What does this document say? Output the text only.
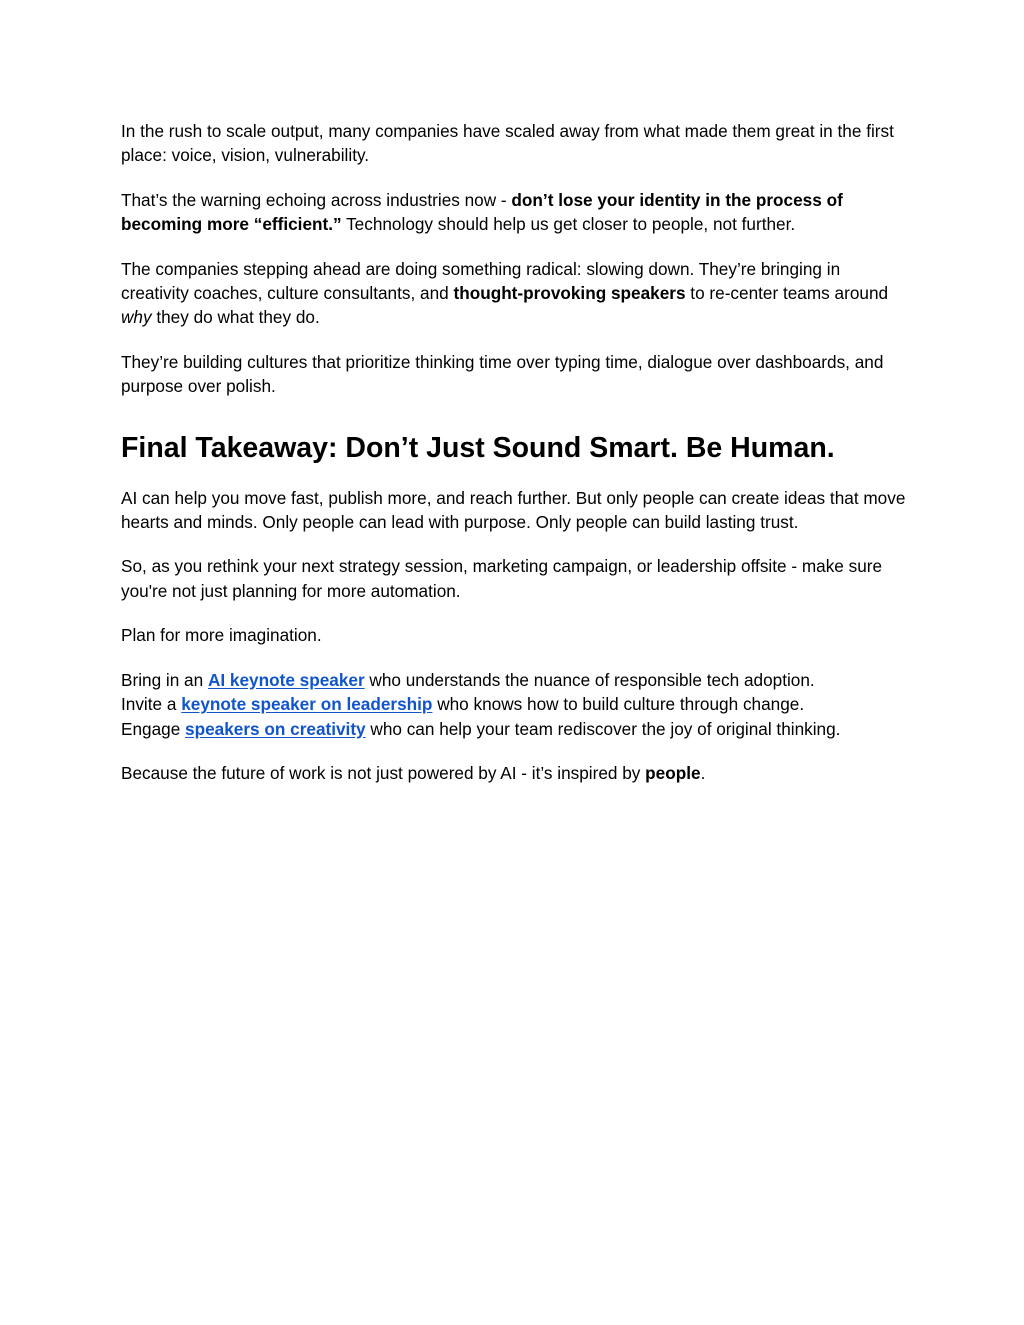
In the rush to scale output, many companies have scaled away from what made them great in the first place: voice, vision, vulnerability.

That’s the warning echoing across industries now - don’t lose your identity in the process of becoming more “efficient.” Technology should help us get closer to people, not further.

The companies stepping ahead are doing something radical: slowing down. They’re bringing in creativity coaches, culture consultants, and thought-provoking speakers to re-center teams around why they do what they do.

They’re building cultures that prioritize thinking time over typing time, dialogue over dashboards, and purpose over polish.

Final Takeaway: Don’t Just Sound Smart. Be Human.

AI can help you move fast, publish more, and reach further. But only people can create ideas that move hearts and minds. Only people can lead with purpose. Only people can build lasting trust.

So, as you rethink your next strategy session, marketing campaign, or leadership offsite - make sure you're not just planning for more automation.

Plan for more imagination.

Bring in an AI keynote speaker who understands the nuance of responsible tech adoption.
Invite a keynote speaker on leadership who knows how to build culture through change.
Engage speakers on creativity who can help your team rediscover the joy of original thinking.

Because the future of work is not just powered by AI - it’s inspired by people.
